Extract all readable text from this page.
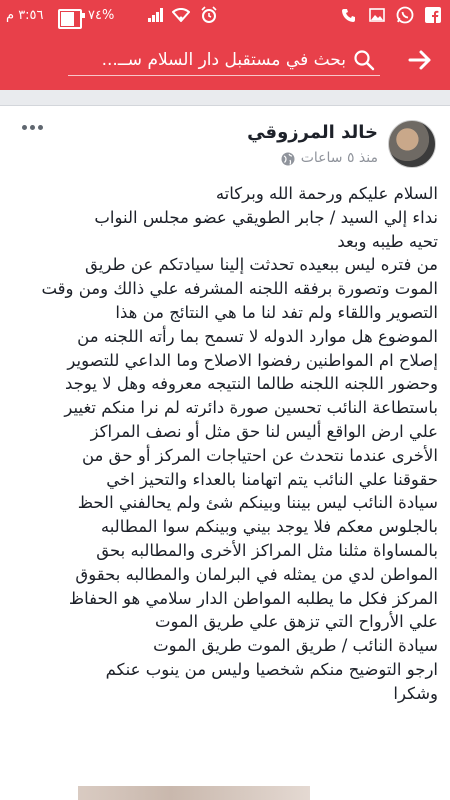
٣:٥٦ م	٧٤%
بحث في مستقبل دار السلام ســ...
خالد المرزوقي
منذ ٥ ساعات
السلام عليكم ورحمة الله وبركاته
نداء إلي السيد / جابر الطويقي عضو مجلس النواب
تحيه طيبه وبعد
من فتره ليس ببعيده تحدثت إلينا سيادتكم عن طريق
الموت وتصورة برفقه اللجنه المشرفه علي ذالك ومن وقت
التصوير واللقاء ولم تفد لنا ما هي النتائج من هذا
الموضوع هل موارد الدوله لا تسمح بما رأته اللجنه من
إصلاح ام المواطنين رفضوا الاصلاح وما الداعي للتصوير
وحضور اللجنه اللجنه طالما النتيجه معروفه وهل لا يوجد
باستطاعة النائب تحسين صورة دائرته لم نرا منكم تغيير
علي ارض الواقع أليس لنا حق مثل أو نصف المراكز
الأخرى عندما نتحدث عن احتياجات المركز أو حق من
حقوقنا علي النائب يتم اتهامنا بالعداء والتحيز اخي
سيادة النائب ليس بيننا وبينكم شئ ولم يحالفني الحظ
بالجلوس معكم فلا يوجد بيني وبينكم سوا المطالبه
بالمساواة مثلنا مثل المراكز الأخرى والمطالبه بحق
المواطن لدي من يمثله في البرلمان والمطالبه بحقوق
المركز فكل ما يطلبه المواطن الدار سلامي هو الحفاظ
علي الأرواح التي تزهق علي طريق الموت
سيادة النائب / طريق الموت طريق الموت
ارجو التوضيح منكم شخصيا وليس من ينوب عنكم
وشكرا
